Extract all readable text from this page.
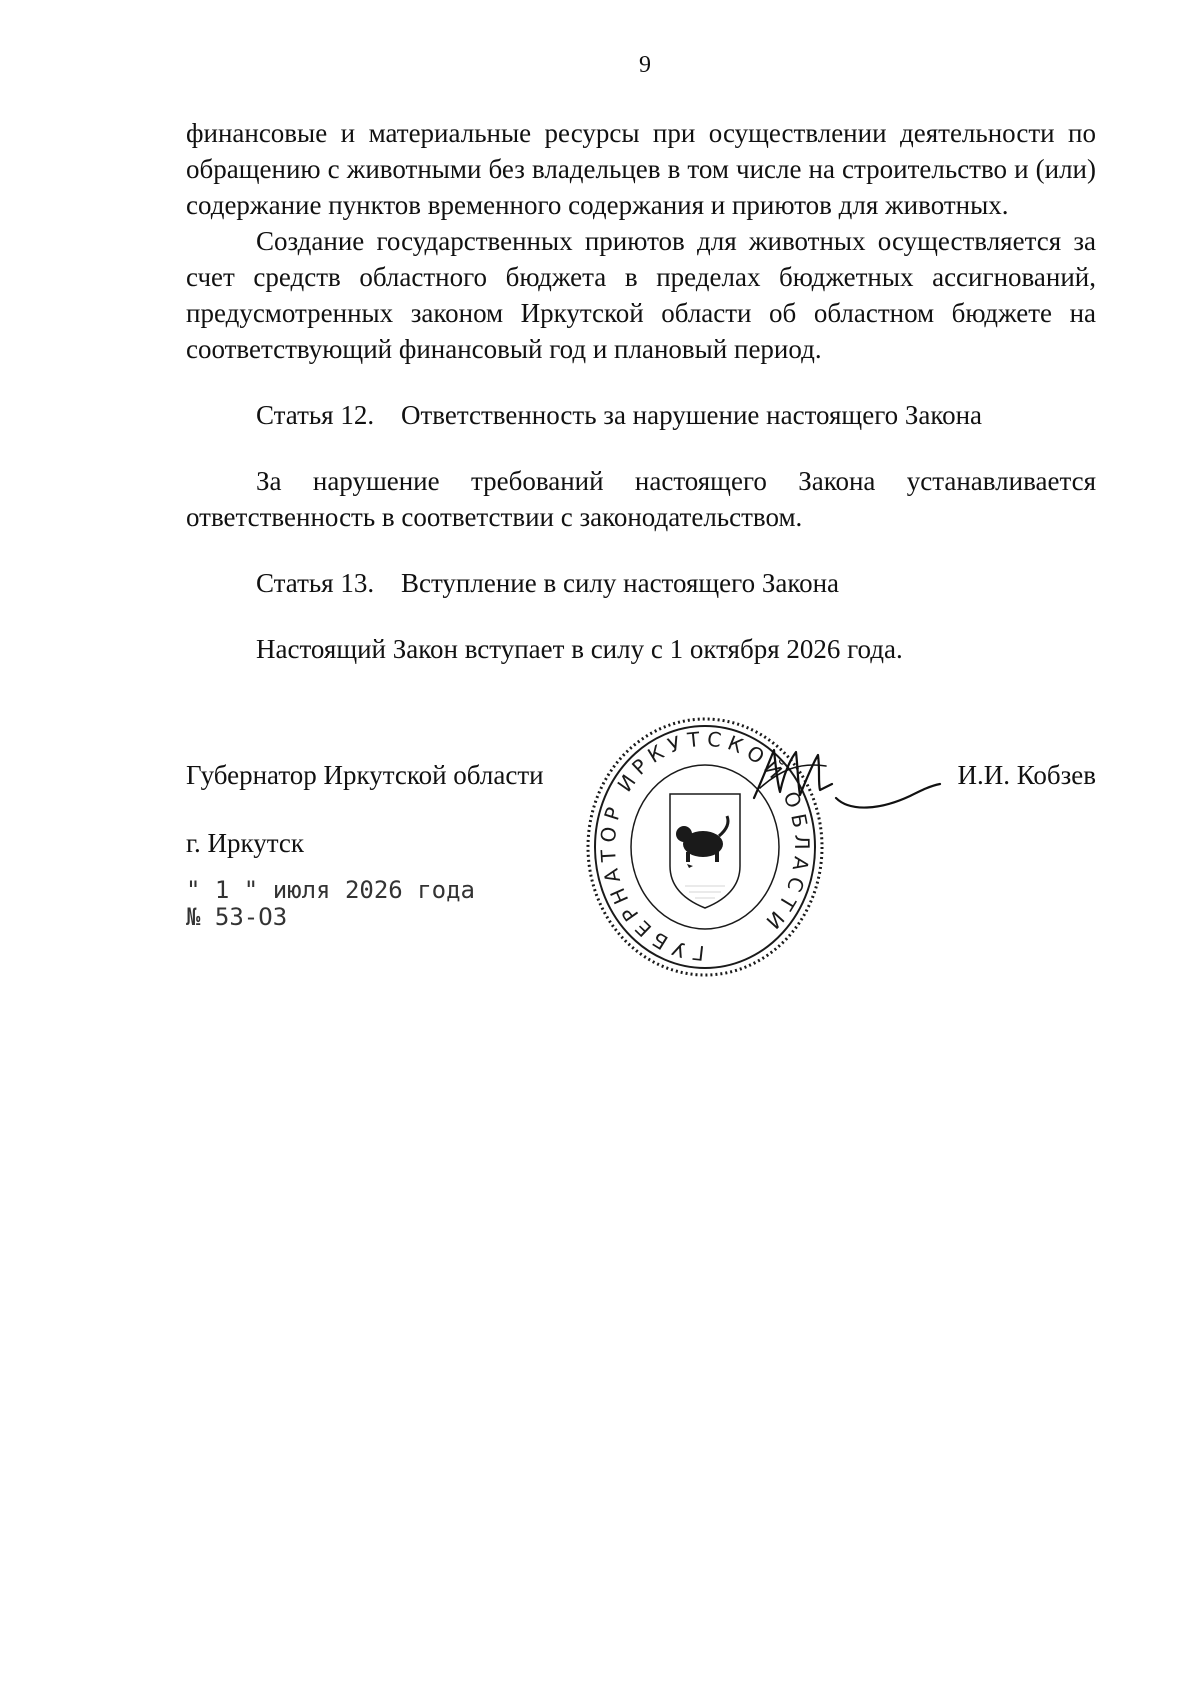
9

финансовые и материальные ресурсы при осуществлении деятельности по обращению с животными без владельцев в том числе на строительство и (или) содержание пунктов временного содержания и приютов для животных.

Создание государственных приютов для животных осуществляется за счет средств областного бюджета в пределах бюджетных ассигнований, предусмотренных законом Иркутской области об областном бюджете на соответствующий финансовый год и плановый период.

Статья 12. Ответственность за нарушение настоящего Закона

За нарушение требований настоящего Закона устанавливается ответственность в соответствии с законодательством.

Статья 13. Вступление в силу настоящего Закона

Настоящий Закон вступает в силу с 1 октября 2026 года.

Губернатор Иркутской области	И.И. Кобзев
г. Иркутск
" 1 " июля 2026 года
№ 53-ОЗ
ГУБЕРНАТОР ИРКУТСКОЙ ОБЛАСТИ
